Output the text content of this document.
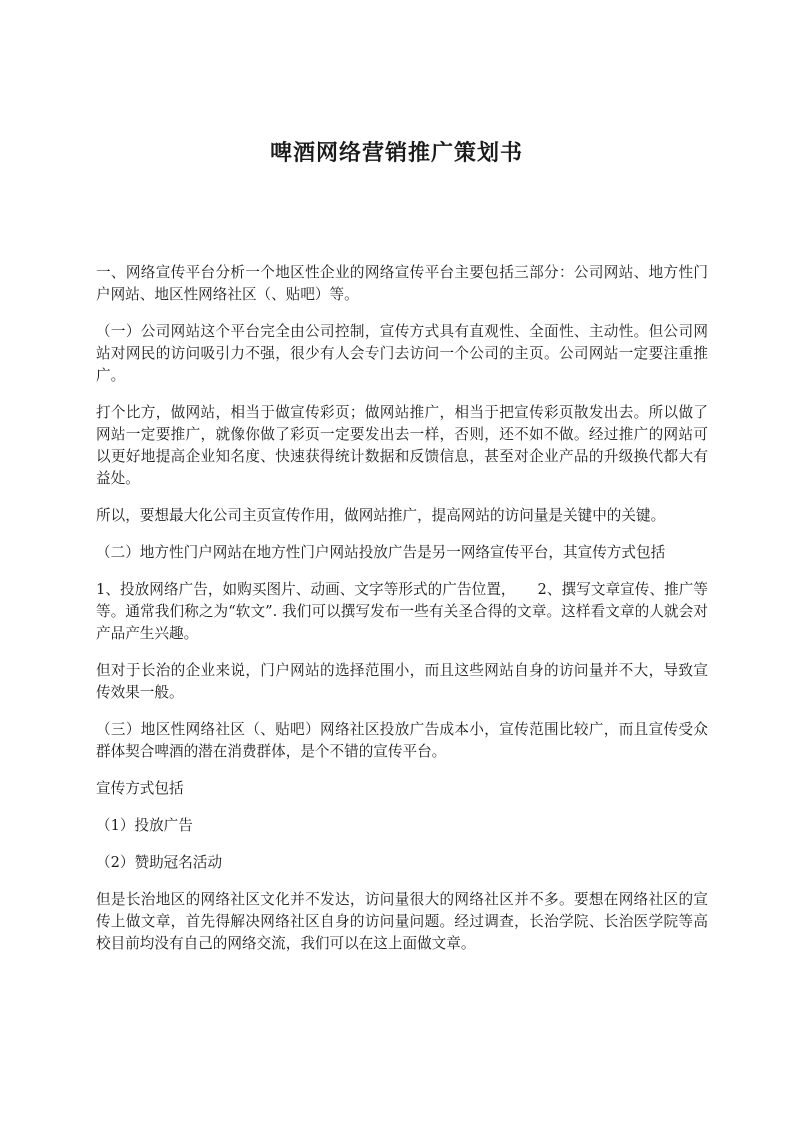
啤酒网络营销推广策划书

一、网络宣传平台分析一个地区性企业的网络宣传平台主要包括三部分：公司网站、地方性门户网站、地区性网络社区（、贴吧）等。

（一）公司网站这个平台完全由公司控制，宣传方式具有直观性、全面性、主动性。但公司网站对网民的访问吸引力不强，很少有人会专门去访问一个公司的主页。公司网站一定要注重推广。

打个比方，做网站，相当于做宣传彩页；做网站推广，相当于把宣传彩页散发出去。所以做了网站一定要推广，就像你做了彩页一定要发出去一样，否则，还不如不做。经过推广的网站可以更好地提高企业知名度、快速获得统计数据和反馈信息，甚至对企业产品的升级换代都大有益处。

所以，要想最大化公司主页宣传作用，做网站推广，提高网站的访问量是关键中的关键。

（二）地方性门户网站在地方性门户网站投放广告是另一网络宣传平台，其宣传方式包括

1、投放网络广告，如购买图片、动画、文字等形式的广告位置，　　2、撰写文章宣传、推广等等。通常我们称之为“软文”. 我们可以撰写发布一些有关圣合得的文章。这样看文章的人就会对产品产生兴趣。

但对于长治的企业来说，门户网站的选择范围小，而且这些网站自身的访问量并不大，导致宣传效果一般。

（三）地区性网络社区（、贴吧）网络社区投放广告成本小，宣传范围比较广，而且宣传受众群体契合啤酒的潜在消费群体，是个不错的宣传平台。

宣传方式包括

（1）投放广告

（2）赞助冠名活动

但是长治地区的网络社区文化并不发达，访问量很大的网络社区并不多。要想在网络社区的宣传上做文章，首先得解决网络社区自身的访问量问题。经过调查，长治学院、长治医学院等高校目前均没有自己的网络交流，我们可以在这上面做文章。
